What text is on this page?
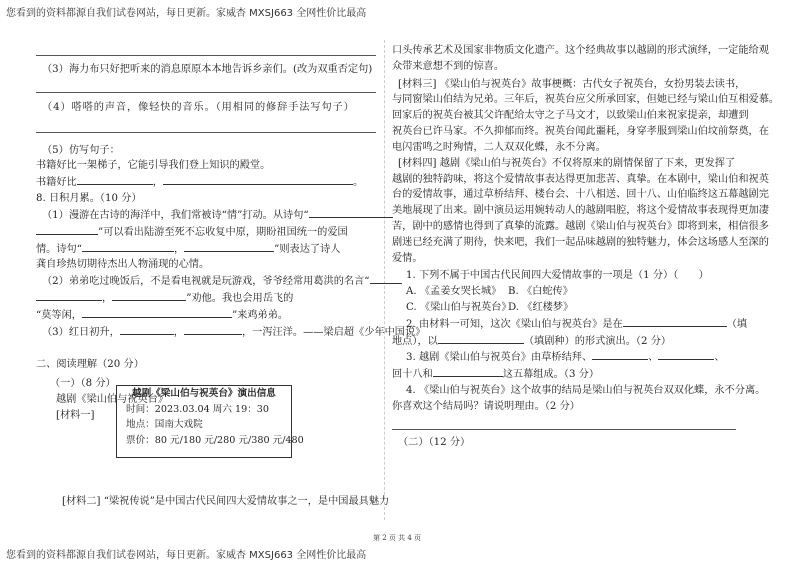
您看到的资料都源自我们试卷网站，每日更新。家威杏 MXSJ663 全网性价比最高

（3）海力布只好把听来的消息原原本本地告诉乡亲们。(改为双重否定句)

（4）嗒嗒的声音，像轻快的音乐。（用相同的修辞手法写句子）

（5）仿写句子：

书籍好比一架梯子，它能引导我们登上知识的殿堂。

书籍好比	，	。

8. 日积月累。（10 分）

（1）漫游在古诗的海洋中，我们常被诗“情”打动。从诗句“

”可以看出陆游至死不忘收复中原，期盼祖国统一的爱国

情。诗句“	，	”则表达了诗人

龚自珍热切期待杰出人物涌现的心情。

（2）弟弟吃过晚饭后，不是看电视就是玩游戏，爷爷经常用葛洪的名言“

，	”劝他。我也会用岳飞的

“莫等闲，	”来鸡弟弟。

（3）红日初升，	，	，一泻汪洋。——梁启超《少年中国说》

二、阅读理解（20 分）

（一）（8 分）

越剧《梁山伯与祝英台》

[材料一]

越剧《梁山伯与祝英台》演出信息
时间：2023.03.04 周六 19：30
地点：国南大戏院
票价：80 元/180 元/280 元/380 元/480

[材料二] “梁祝传说”是中国古代民间四大爱情故事之一，是中国最具魅力

口头传承艺术及国家非物质文化遗产。这个经典故事以越剧的形式演绎，一定能给观

众带来意想不到的惊喜。

[材料三] 《梁山伯与祝英台》故事梗概：古代女子祝英台，女扮男装去读书，

与同窗梁山伯结为兄弟。三年后，祝英台应父所承回家，但她已经与梁山伯互相爱慕。

回家后的祝英台被其父许配给太守之子马文才，以致梁山伯来祝家提亲，却遭到

祝英台已许马家。不久抑郁而终。祝英台闻此噩耗，身穿孝服到梁山伯坟前祭奠，在

电闪雷鸣之时殉情，二人双双化蝶，永不分离。

[材料四] 越剧《梁山伯与祝英台》不仅将原来的剧情保留了下来，更发挥了

越剧的独特韵味，将这个爱情故事表达得更加悲苦、真挚。在本剧中，梁山伯和祝英

台的爱情故事，通过草桥结拜、楼台会、十八相送、回十八、山伯临终这五幕越剧完

美地展现了出来。剧中演员运用婉转动人的越剧唱腔，将这个爱情故事表现得更加凄

苦，剧中的感情也得到了真挚的流露。越剧《梁山伯与祝英台》即将到来，相信很多

剧迷已经充满了期待，快来吧，我们一起品味越剧的独特魅力，体会这场感人至深的

爱情。

1. 下列不属于中国古代民间四大爱情故事的一项是（1 分）（　　）

A. 《孟姜女哭长城》 B. 《白蛇传》

C. 《梁山伯与祝英台》D. 《红楼梦》

2. 由材料一可知，这次《梁山伯与祝英台》是在	（填

地点），以	（填剧种）的形式演出。（2 分）

3. 越剧《梁山伯与祝英台》由草桥结拜、	、	、

回十八和	这五幕组成。（3 分）

4. 《梁山伯与祝英台》这个故事的结局是梁山伯与祝英台双双化蝶，永不分离。

你喜欢这个结局吗？请说明理由。（2 分）

（二）（12 分）

第 2 页 共 4 页
您看到的资料都源自我们试卷网站，每日更新。家威杏 MXSJ663 全网性价比最高
